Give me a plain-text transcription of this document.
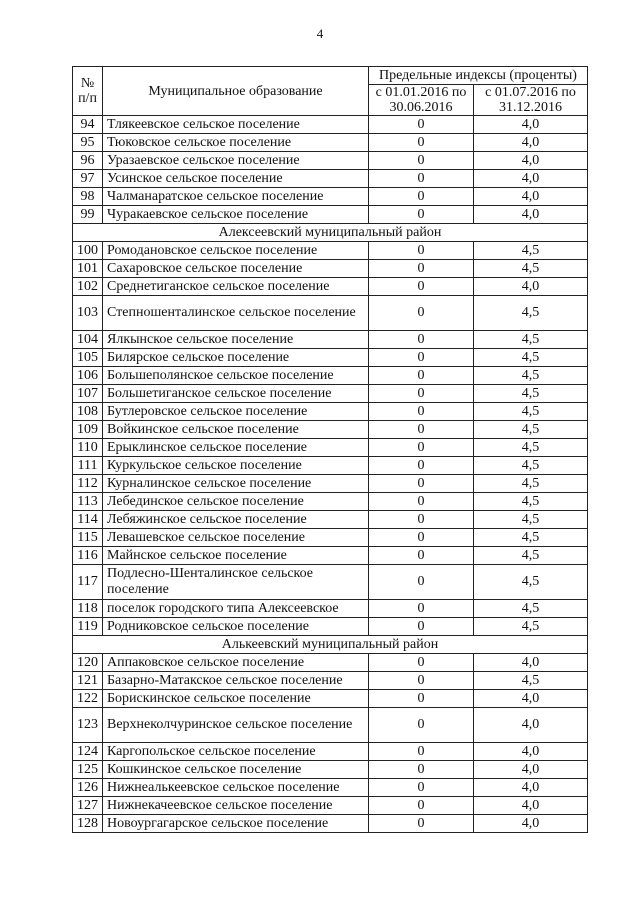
4
№ п/п	Муниципальное образование	Предельные индексы (проценты)	
		с 01.01.2016 по 30.06.2016	с 01.07.2016 по 31.12.2016
94	Тлякеевское сельское поселение	0	4,0
95	Тюковское сельское поселение	0	4,0
96	Уразаевское сельское поселение	0	4,0
97	Усинское сельское поселение	0	4,0
98	Чалманаратское сельское поселение	0	4,0
99	Чуракаевское сельское поселение	0	4,0
Алексеевский муниципальный район			
100	Ромодановское сельское поселение	0	4,5
101	Сахаровское сельское поселение	0	4,5
102	Среднетиганское сельское поселение	0	4,0
103	Степношенталинское сельское поселение	0	4,5
104	Ялкынское сельское поселение	0	4,5
105	Билярское сельское поселение	0	4,5
106	Большеполянское сельское поселение	0	4,5
107	Большетиганское сельское поселение	0	4,5
108	Бутлеровское сельское поселение	0	4,5
109	Войкинское сельское поселение	0	4,5
110	Ерыклинское сельское поселение	0	4,5
111	Куркульское сельское поселение	0	4,5
112	Курналинское сельское поселение	0	4,5
113	Лебединское сельское поселение	0	4,5
114	Лебяжинское сельское поселение	0	4,5
115	Левашевское сельское поселение	0	4,5
116	Майнское сельское поселение	0	4,5
117	Подлесно-Шенталинское сельское поселение	0	4,5
118	поселок городского типа Алексеевское	0	4,5
119	Родниковское сельское поселение	0	4,5
Алькеевский муниципальный район			
120	Аппаковское сельское поселение	0	4,0
121	Базарно-Матакское сельское поселение	0	4,5
122	Борискинское сельское поселение	0	4,0
123	Верхнеколчуринское сельское поселение	0	4,0
124	Каргопольское сельское поселение	0	4,0
125	Кошкинское сельское поселение	0	4,0
126	Нижнеалькеевское сельское поселение	0	4,0
127	Нижнекачеевское сельское поселение	0	4,0
128	Новоургагарское сельское поселение	0	4,0
